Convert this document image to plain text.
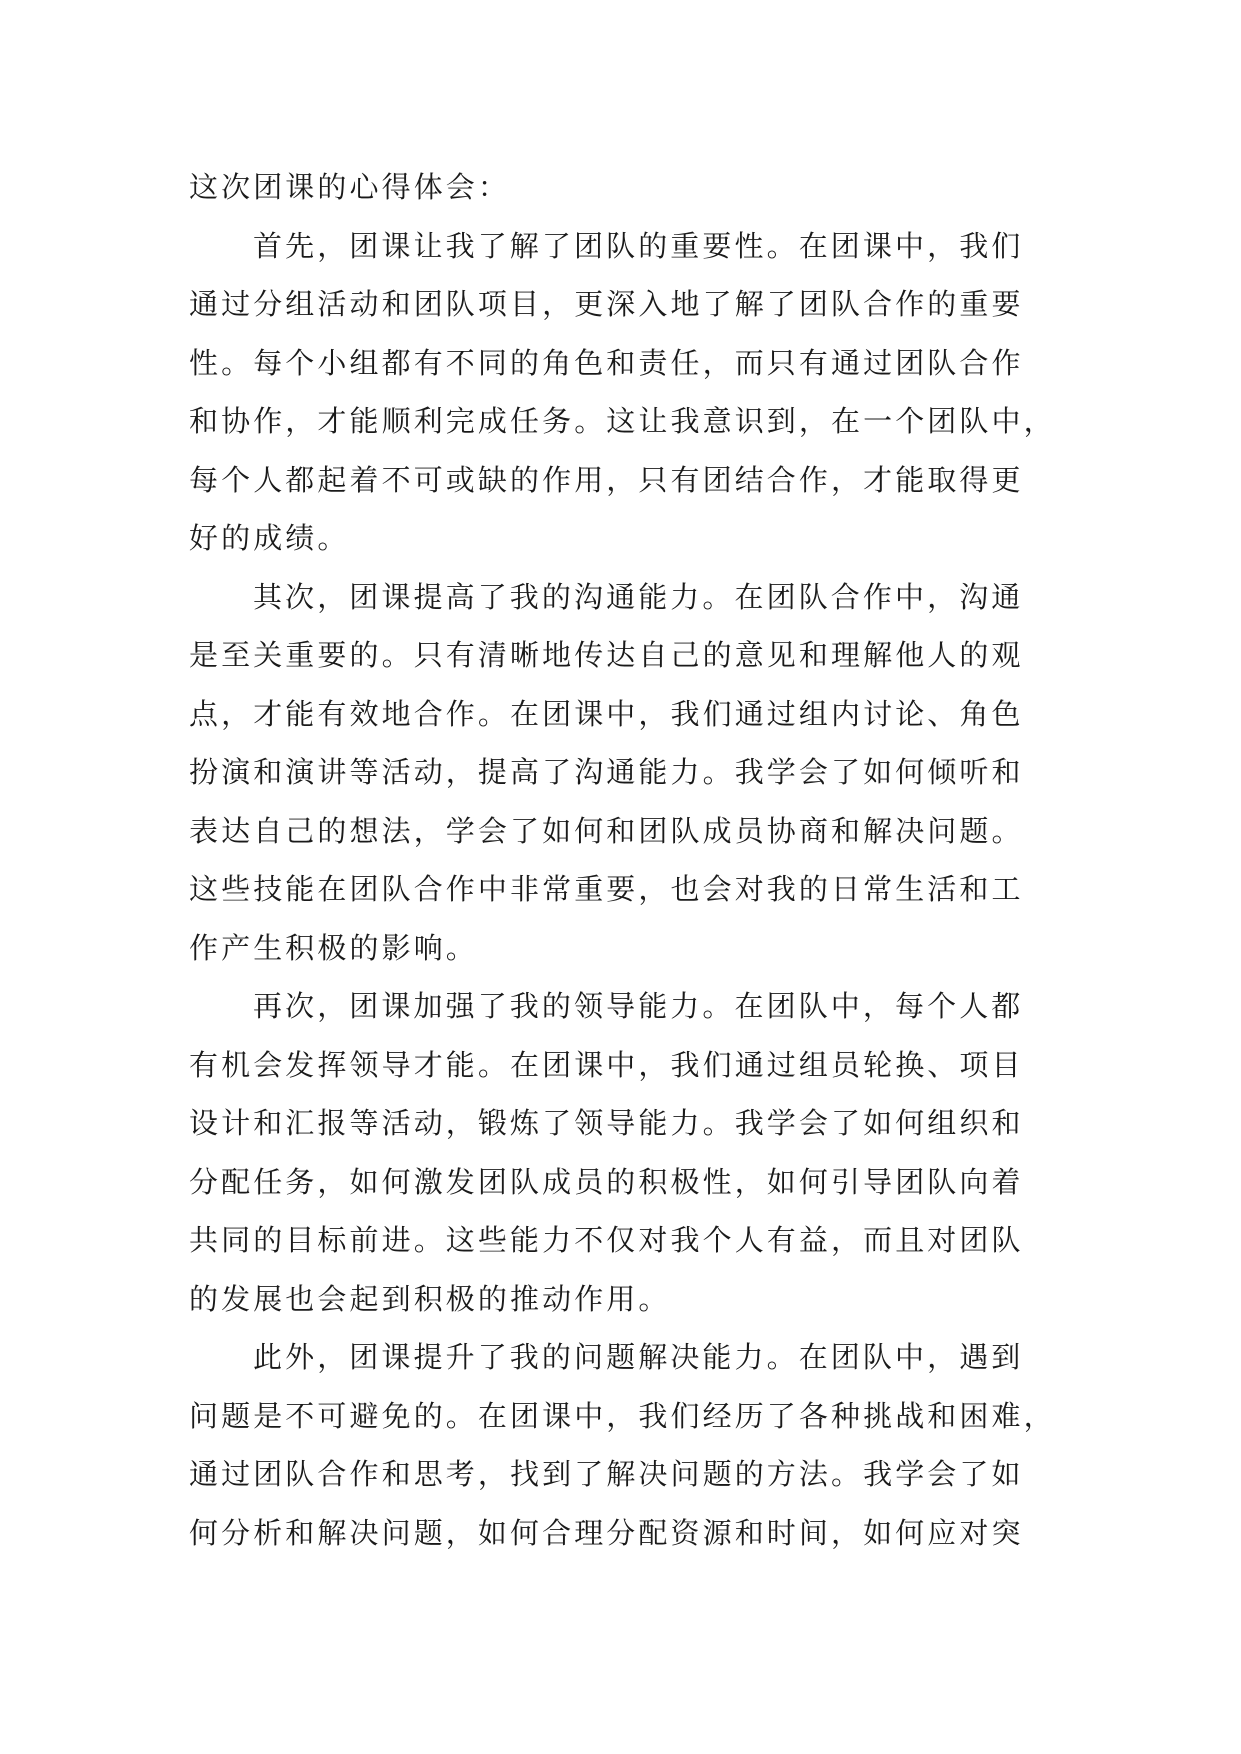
这次团课的心得体会：
首先，团课让我了解了团队的重要性。在团课中，我们
通过分组活动和团队项目，更深入地了解了团队合作的重要
性。每个小组都有不同的角色和责任，而只有通过团队合作
和协作，才能顺利完成任务。这让我意识到，在一个团队中，
每个人都起着不可或缺的作用，只有团结合作，才能取得更
好的成绩。
其次，团课提高了我的沟通能力。在团队合作中，沟通
是至关重要的。只有清晰地传达自己的意见和理解他人的观
点，才能有效地合作。在团课中，我们通过组内讨论、角色
扮演和演讲等活动，提高了沟通能力。我学会了如何倾听和
表达自己的想法，学会了如何和团队成员协商和解决问题。
这些技能在团队合作中非常重要，也会对我的日常生活和工
作产生积极的影响。
再次，团课加强了我的领导能力。在团队中，每个人都
有机会发挥领导才能。在团课中，我们通过组员轮换、项目
设计和汇报等活动，锻炼了领导能力。我学会了如何组织和
分配任务，如何激发团队成员的积极性，如何引导团队向着
共同的目标前进。这些能力不仅对我个人有益，而且对团队
的发展也会起到积极的推动作用。
此外，团课提升了我的问题解决能力。在团队中，遇到
问题是不可避免的。在团课中，我们经历了各种挑战和困难，
通过团队合作和思考，找到了解决问题的方法。我学会了如
何分析和解决问题，如何合理分配资源和时间，如何应对突
